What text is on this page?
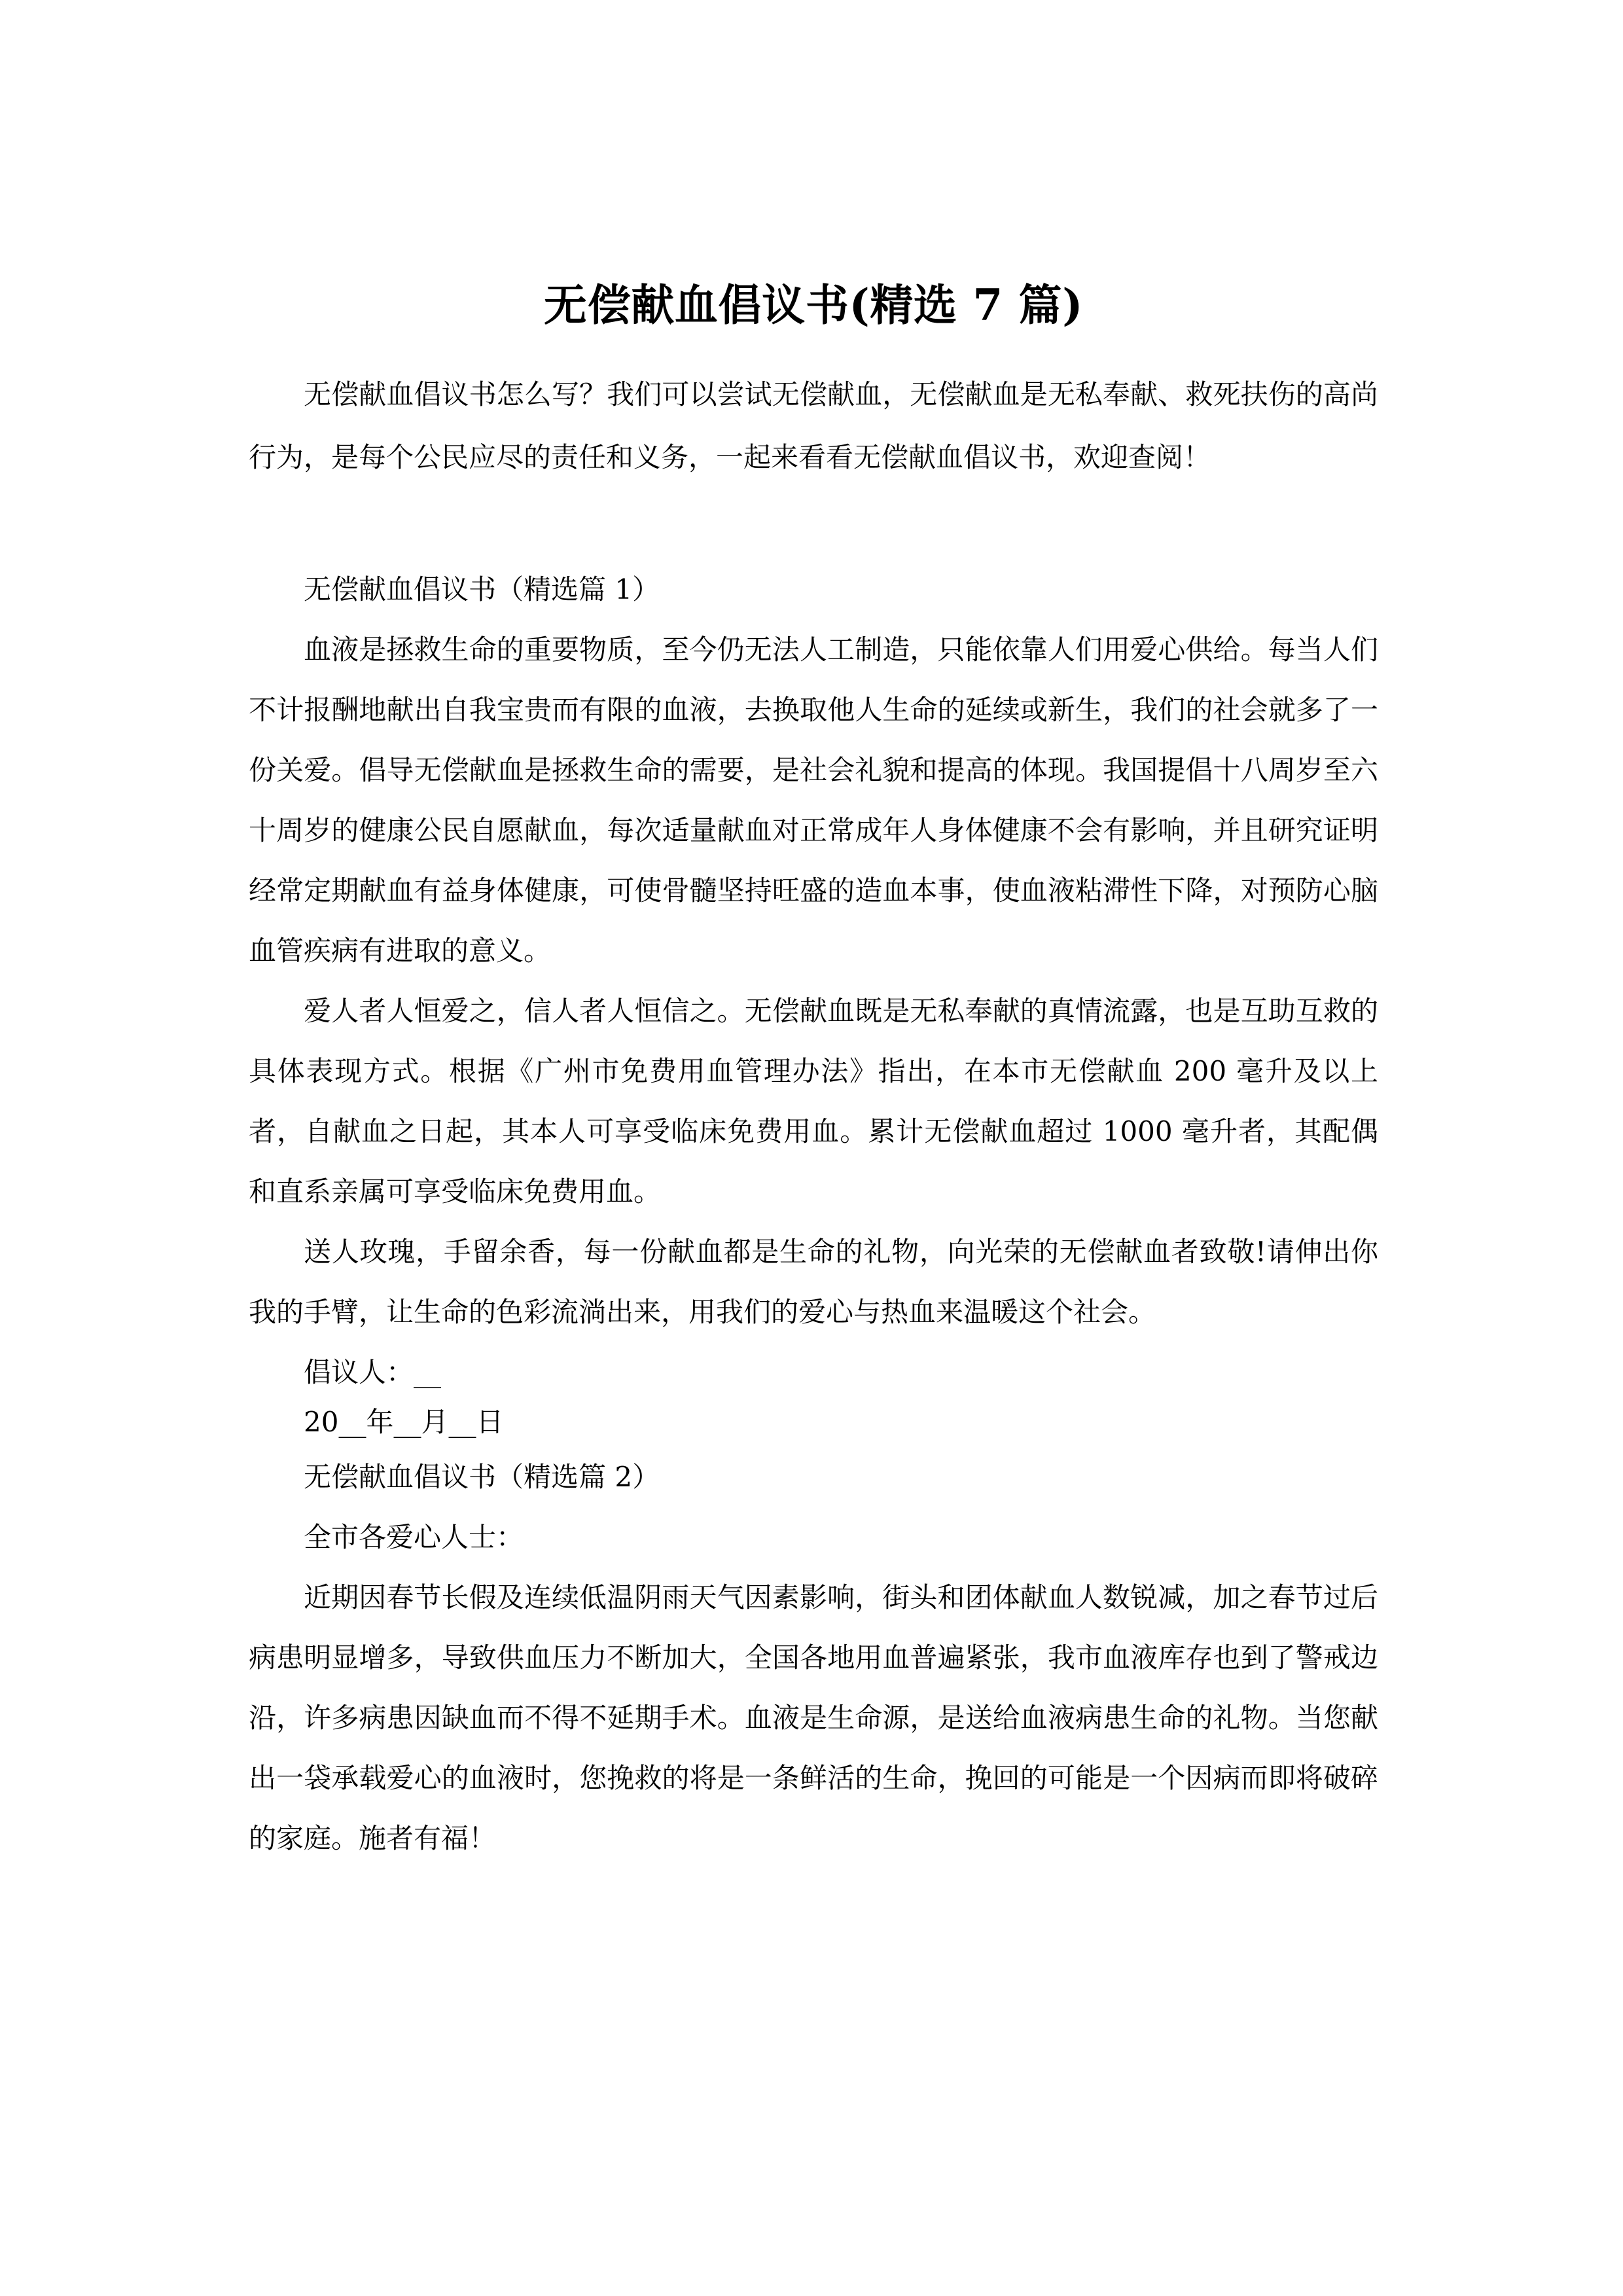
无偿献血倡议书(精选 7 篇)

无偿献血倡议书怎么写？我们可以尝试无偿献血，无偿献血是无私奉献、救死扶伤的高尚行为，是每个公民应尽的责任和义务，一起来看看无偿献血倡议书，欢迎查阅！

无偿献血倡议书（精选篇 1）

血液是拯救生命的重要物质，至今仍无法人工制造，只能依靠人们用爱心供给。每当人们不计报酬地献出自我宝贵而有限的血液，去换取他人生命的延续或新生，我们的社会就多了一份关爱。倡导无偿献血是拯救生命的需要，是社会礼貌和提高的体现。我国提倡十八周岁至六十周岁的健康公民自愿献血，每次适量献血对正常成年人身体健康不会有影响，并且研究证明经常定期献血有益身体健康，可使骨髓坚持旺盛的造血本事，使血液粘滞性下降，对预防心脑血管疾病有进取的意义。

爱人者人恒爱之，信人者人恒信之。无偿献血既是无私奉献的真情流露，也是互助互救的具体表现方式。根据《广州市免费用血管理办法》指出，在本市无偿献血 200 毫升及以上者，自献血之日起，其本人可享受临床免费用血。累计无偿献血超过 1000 毫升者，其配偶和直系亲属可享受临床免费用血。

送人玫瑰，手留余香，每一份献血都是生命的礼物，向光荣的无偿献血者致敬!请伸出你我的手臂，让生命的色彩流淌出来，用我们的爱心与热血来温暖这个社会。

倡议人：__

20__年__月__日

无偿献血倡议书（精选篇 2）

全市各爱心人士：

近期因春节长假及连续低温阴雨天气因素影响，街头和团体献血人数锐减，加之春节过后病患明显增多，导致供血压力不断加大，全国各地用血普遍紧张，我市血液库存也到了警戒边沿，许多病患因缺血而不得不延期手术。血液是生命源，是送给血液病患生命的礼物。当您献出一袋承载爱心的血液时，您挽救的将是一条鲜活的生命，挽回的可能是一个因病而即将破碎的家庭。施者有福！
